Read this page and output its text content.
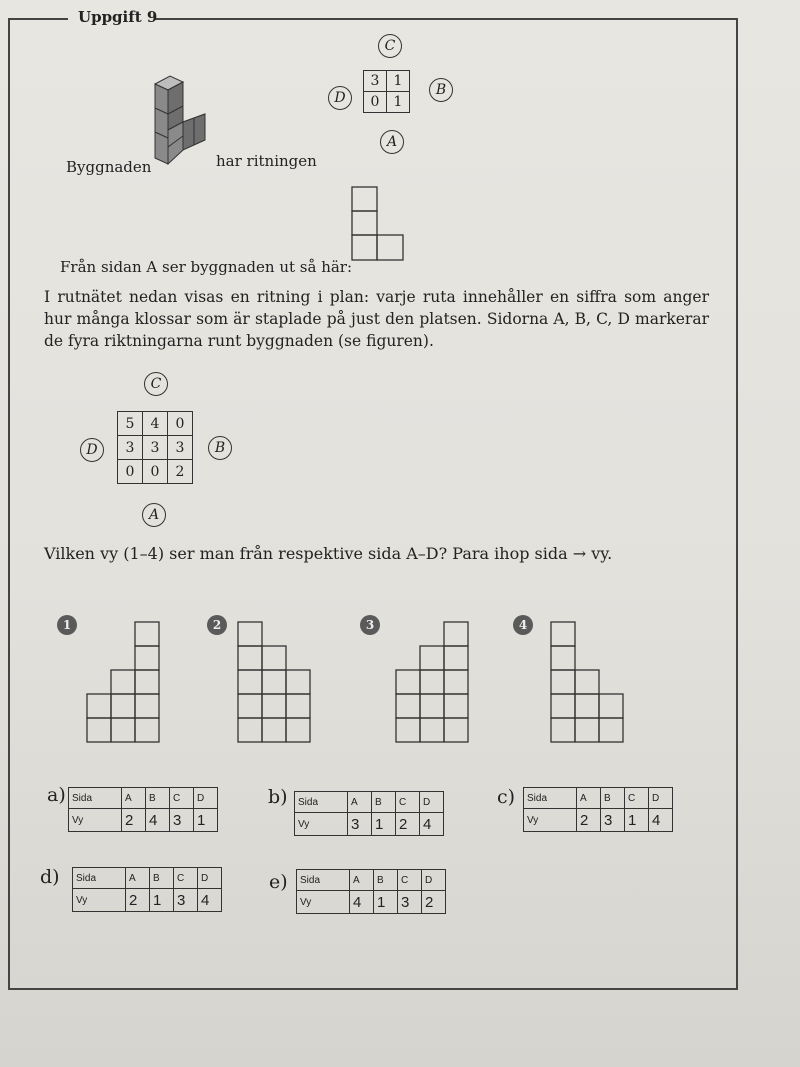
Uppgift 9
Byggnaden	har ritningen
C
D	B
A
3	1
0	1
Från sidan A ser byggnaden ut så här:
I rutnätet nedan visas en ritning i plan: varje ruta innehåller en siffra som anger hur många klossar som är staplade på just den platsen. Sidorna A, B, C, D markerar de fyra riktningarna runt byggnaden (se figuren).
C
D	B
A
5	4	0
3	3	3
0	0	2
Vilken vy (1–4) ser man från respektive sida A–D? Para ihop sida → vy.
1	2	3	4
a) Sida	A	B	C	D
Vy	2	4	3	1
b) Sida	A	B	C	D
Vy	3	1	2	4
c) Sida	A	B	C	D
Vy	2	3	1	4
d) Sida	A	B	C	D
Vy	2	1	3	4
e) Sida	A	B	C	D
Vy	4	1	3	2
